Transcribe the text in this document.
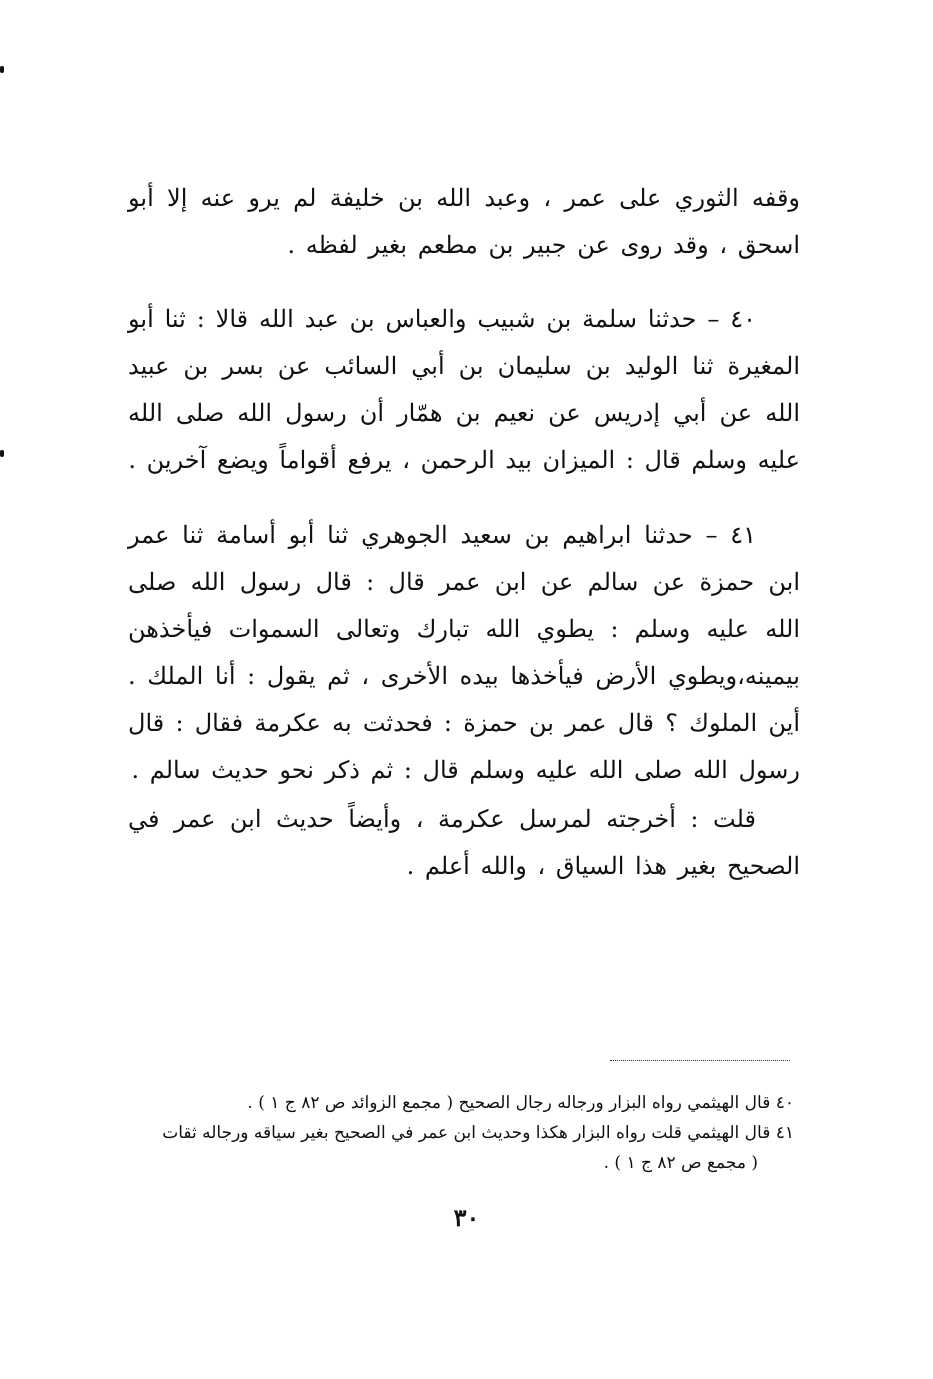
وقفه الثوري على عمر ، وعبد الله بن خليفة لم يرو عنه إلا أبو اسحق ، وقد روى عن جبير بن مطعم بغير لفظه .

٤٠ – حدثنا سلمة بن شبيب والعباس بن عبد الله قالا : ثنا أبو المغيرة ثنا الوليد بن سليمان بن أبي السائب عن بسر بن عبيد الله عن أبي إدريس عن نعيم بن همّار أن رسول الله صلى الله عليه وسلم قال : الميزان بيد الرحمن ، يرفع أقواماً ويضع آخرين .

٤١ – حدثنا ابراهيم بن سعيد الجوهري ثنا أبو أسامة ثنا عمر ابن حمزة عن سالم عن ابن عمر قال : قال رسول الله صلى الله عليه وسلم : يطوي الله تبارك وتعالى السموات فيأخذهن بيمينه،ويطوي الأرض فيأخذها بيده الأخرى ، ثم يقول : أنا الملك . أين الملوك ؟ قال عمر بن حمزة : فحدثت به عكرمة فقال : قال رسول الله صلى الله عليه وسلم قال : ثم ذكر نحو حديث سالم .

قلت : أخرجته لمرسل عكرمة ، وأيضاً حديث ابن عمر في الصحيح بغير هذا السياق ، والله أعلم .

٤٠ قال الهيثمي رواه البزار ورجاله رجال الصحيح ( مجمع الزوائد ص ٨٢ ج ١ ) .

٤١ قال الهيثمي قلت رواه البزار هكذا وحديث ابن عمر في الصحيح بغير سياقه ورجاله ثقات

( مجمع ص ٨٢ ج ١ ) .

٣٠
